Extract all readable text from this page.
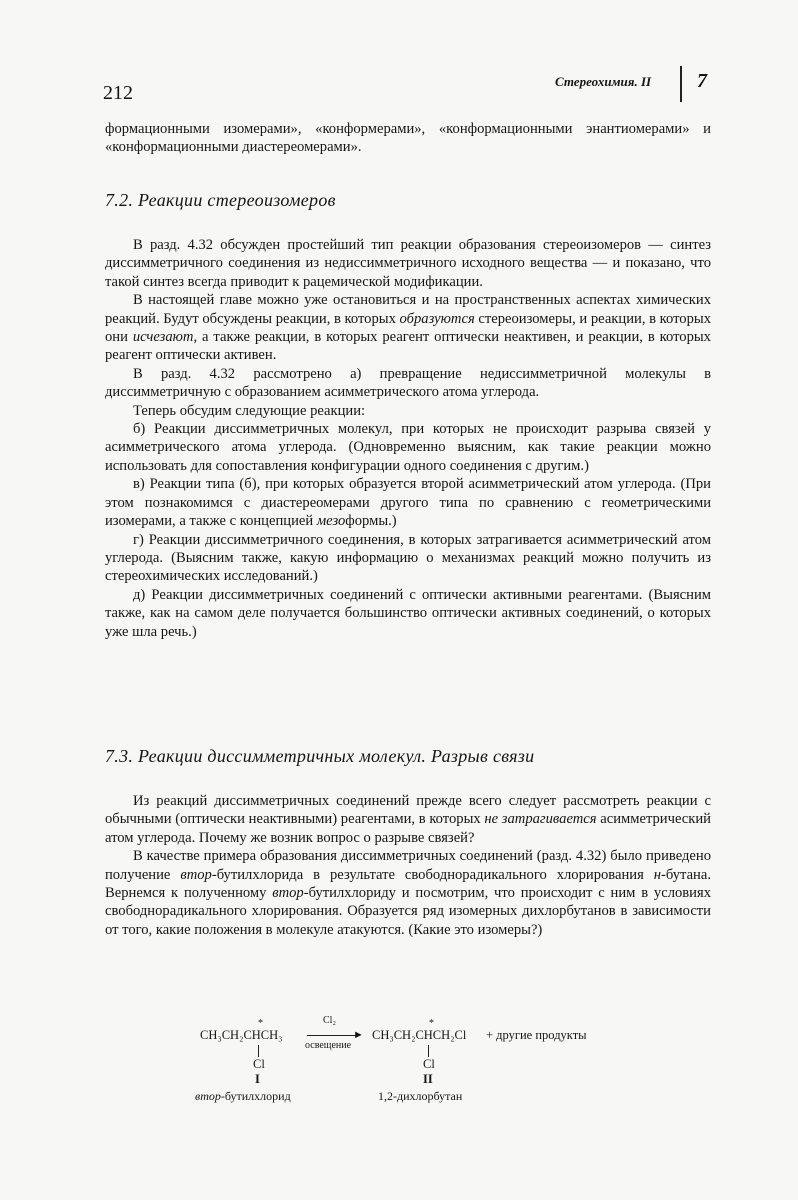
212
Стереохимия. II 7

формационными изомерами», «конформерами», «конформационными энантиомерами» и «конформационными диастереомерами».

7.2. Реакции стереоизомеров

В разд. 4.32 обсужден простейший тип реакции образования стереоизомеров — синтез диссимметричного соединения из недиссимметричного исходного вещества — и показано, что такой синтез всегда приводит к рацемической модификации.

В настоящей главе можно уже остановиться и на пространственных аспектах химических реакций. Будут обсуждены реакции, в которых образуются стереоизомеры, и реакции, в которых они исчезают, а также реакции, в которых реагент оптически неактивен, и реакции, в которых реагент оптически активен.

В разд. 4.32 рассмотрено а) превращение недиссимметричной молекулы в диссимметричную с образованием асимметрического атома углерода.

Теперь обсудим следующие реакции:

б) Реакции диссимметричных молекул, при которых не происходит разрыва связей у асимметрического атома углерода. (Одновременно выясним, как такие реакции можно использовать для сопоставления конфигурации одного соединения с другим.)

в) Реакции типа (б), при которых образуется второй асимметрический атом углерода. (При этом познакомимся с диастереомерами другого типа по сравнению с геометрическими изомерами, а также с концепцией мезоформы.)

г) Реакции диссимметричного соединения, в которых затрагивается асимметрический атом углерода. (Выясним также, какую информацию о механизмах реакций можно получить из стереохимических исследований.)

д) Реакции диссимметричных соединений с оптически активными реагентами. (Выясним также, как на самом деле получается большинство оптически активных соединений, о которых уже шла речь.)

7.3. Реакции диссимметричных молекул. Разрыв связи

Из реакций диссимметричных соединений прежде всего следует рассмотреть реакции с обычными (оптически неактивными) реагентами, в которых не затрагивается асимметрический атом углерода. Почему же возник вопрос о разрыве связей?

В качестве примера образования диссимметричных соединений (разд. 4.32) было приведено получение втор-бутилхлорида в результате свободнорадикального хлорирования н-бутана. Вернемся к полученному втор-бутилхлориду и посмотрим, что происходит с ним в условиях свободнорадикального хлорирования. Образуется ряд изомерных дихлорбутанов в зависимости от того, какие положения в молекуле атакуются. (Какие это изомеры?)

CH₃CH₂CHCH₃
*	Cl₂
►
освещение
CH₃CH₂CHCH₂Cl
*
+ другие продукты
Cl	Cl
I	II
втор -бутилхлорид	1,2-дихлорбутан
